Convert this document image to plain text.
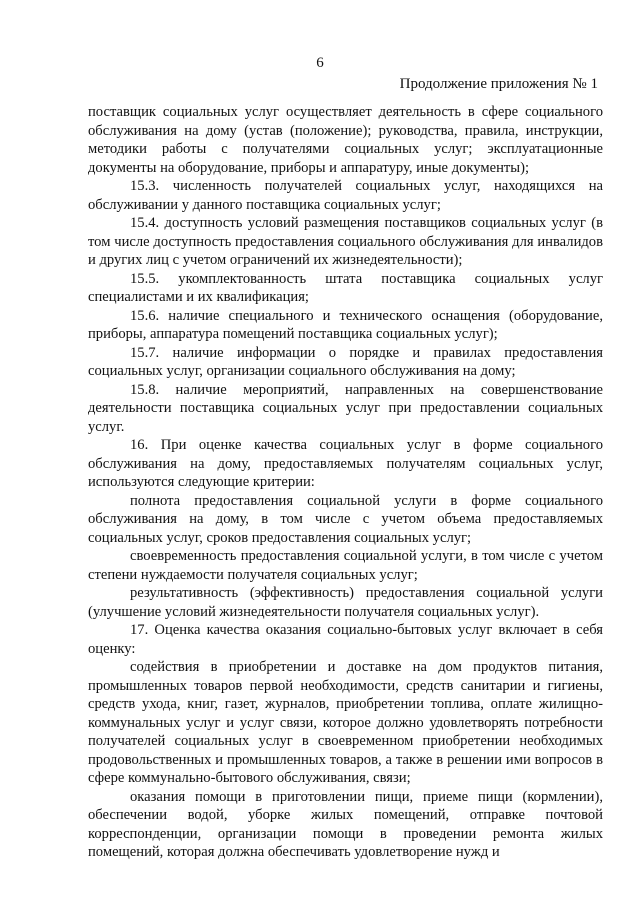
6
Продолжение приложения № 1

поставщик социальных услуг осуществляет деятельность в сфере социального обслуживания на дому (устав (положение); руководства, правила, инструкции, методики работы с получателями социальных услуг; эксплуатационные документы на оборудование, приборы и аппаратуру, иные документы);

15.3. численность получателей социальных услуг, находящихся на обслуживании у данного поставщика социальных услуг;

15.4. доступность условий размещения поставщиков социальных услуг (в том числе доступность предоставления социального обслуживания для инвалидов и других лиц с учетом ограничений их жизнедеятельности);

15.5. укомплектованность штата поставщика социальных услуг специалистами и их квалификация;

15.6. наличие специального и технического оснащения (оборудование, приборы, аппаратура помещений поставщика социальных услуг);

15.7. наличие информации о порядке и правилах предоставления социальных услуг, организации социального обслуживания на дому;

15.8. наличие мероприятий, направленных на совершенствование деятельности поставщика социальных услуг при предоставлении социальных услуг.

16. При оценке качества социальных услуг в форме социального обслуживания на дому, предоставляемых получателям социальных услуг, используются следующие критерии:

полнота предоставления социальной услуги в форме социального обслуживания на дому, в том числе с учетом объема предоставляемых социальных услуг, сроков предоставления социальных услуг;

своевременность предоставления социальной услуги, в том числе с учетом степени нуждаемости получателя социальных услуг;

результативность (эффективность) предоставления социальной услуги (улучшение условий жизнедеятельности получателя социальных услуг).

17. Оценка качества оказания социально-бытовых услуг включает в себя оценку:

содействия в приобретении и доставке на дом продуктов питания, промышленных товаров первой необходимости, средств санитарии и гигиены, средств ухода, книг, газет, журналов, приобретении топлива, оплате жилищно-коммунальных услуг и услуг связи, которое должно удовлетворять потребности получателей социальных услуг в своевременном приобретении необходимых продовольственных и промышленных товаров, а также в решении ими вопросов в сфере коммунально-бытового обслуживания, связи;

оказания помощи в приготовлении пищи, приеме пищи (кормлении), обеспечении водой, уборке жилых помещений, отправке почтовой корреспонденции, организации помощи в проведении ремонта жилых помещений, которая должна обеспечивать удовлетворение нужд и
